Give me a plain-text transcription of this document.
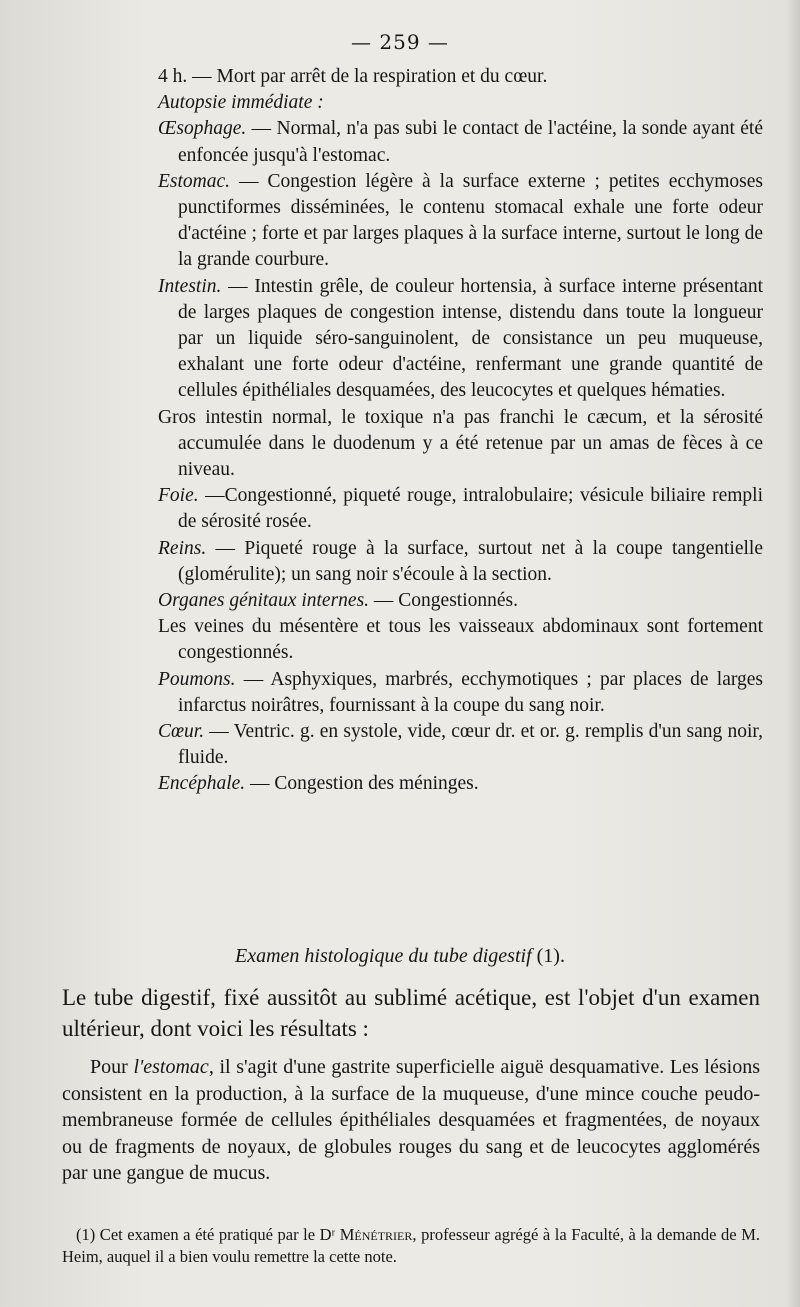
— 259 —
4 h. — Mort par arrêt de la respiration et du cœur.
Autopsie immédiate :
Œsophage. — Normal, n'a pas subi le contact de l'actéine, la sonde ayant été enfoncée jusqu'à l'estomac.
Estomac. — Congestion légère à la surface externe ; petites ecchymoses punctiformes disséminées, le contenu stomacal exhale une forte odeur d'actéine ; forte et par larges plaques à la surface interne, surtout le long de la grande courbure.
Intestin. — Intestin grêle, de couleur hortensia, à surface interne présentant de larges plaques de congestion intense, distendu dans toute la longueur par un liquide séro-sanguinolent, de consistance un peu muqueuse, exhalant une forte odeur d'actéine, renfermant une grande quantité de cellules épithéliales desquamées, des leucocytes et quelques hématies.
Gros intestin normal, le toxique n'a pas franchi le cæcum, et la sérosité accumulée dans le duodenum y a été retenue par un amas de fèces à ce niveau.
Foie. —Congestionné, piqueté rouge, intralobulaire; vésicule biliaire rempli de sérosité rosée.
Reins. — Piqueté rouge à la surface, surtout net à la coupe tangentielle (glomérulite); un sang noir s'écoule à la section.
Organes génitaux internes. — Congestionnés.
Les veines du mésentère et tous les vaisseaux abdominaux sont fortement congestionnés.
Poumons. — Asphyxiques, marbrés, ecchymotiques ; par places de larges infarctus noirâtres, fournissant à la coupe du sang noir.
Cœur. — Ventric. g. en systole, vide, cœur dr. et or. g. remplis d'un sang noir, fluide.
Encéphale. — Congestion des méninges.
Examen histologique du tube digestif (1).

Le tube digestif, fixé aussitôt au sublimé acétique, est l'objet d'un examen ultérieur, dont voici les résultats :

Pour l'estomac, il s'agit d'une gastrite superficielle aiguë desquamative. Les lésions consistent en la production, à la surface de la muqueuse, d'une mince couche peudo-membraneuse formée de cellules épithéliales desquamées et fragmentées, de noyaux ou de fragments de noyaux, de globules rouges du sang et de leucocytes agglomérés par une gangue de mucus.

(1) Cet examen a été pratiqué par le Dʳ Ménétrier, professeur agrégé à la Faculté, à la demande de M. Heim, auquel il a bien voulu remettre la cette note.
